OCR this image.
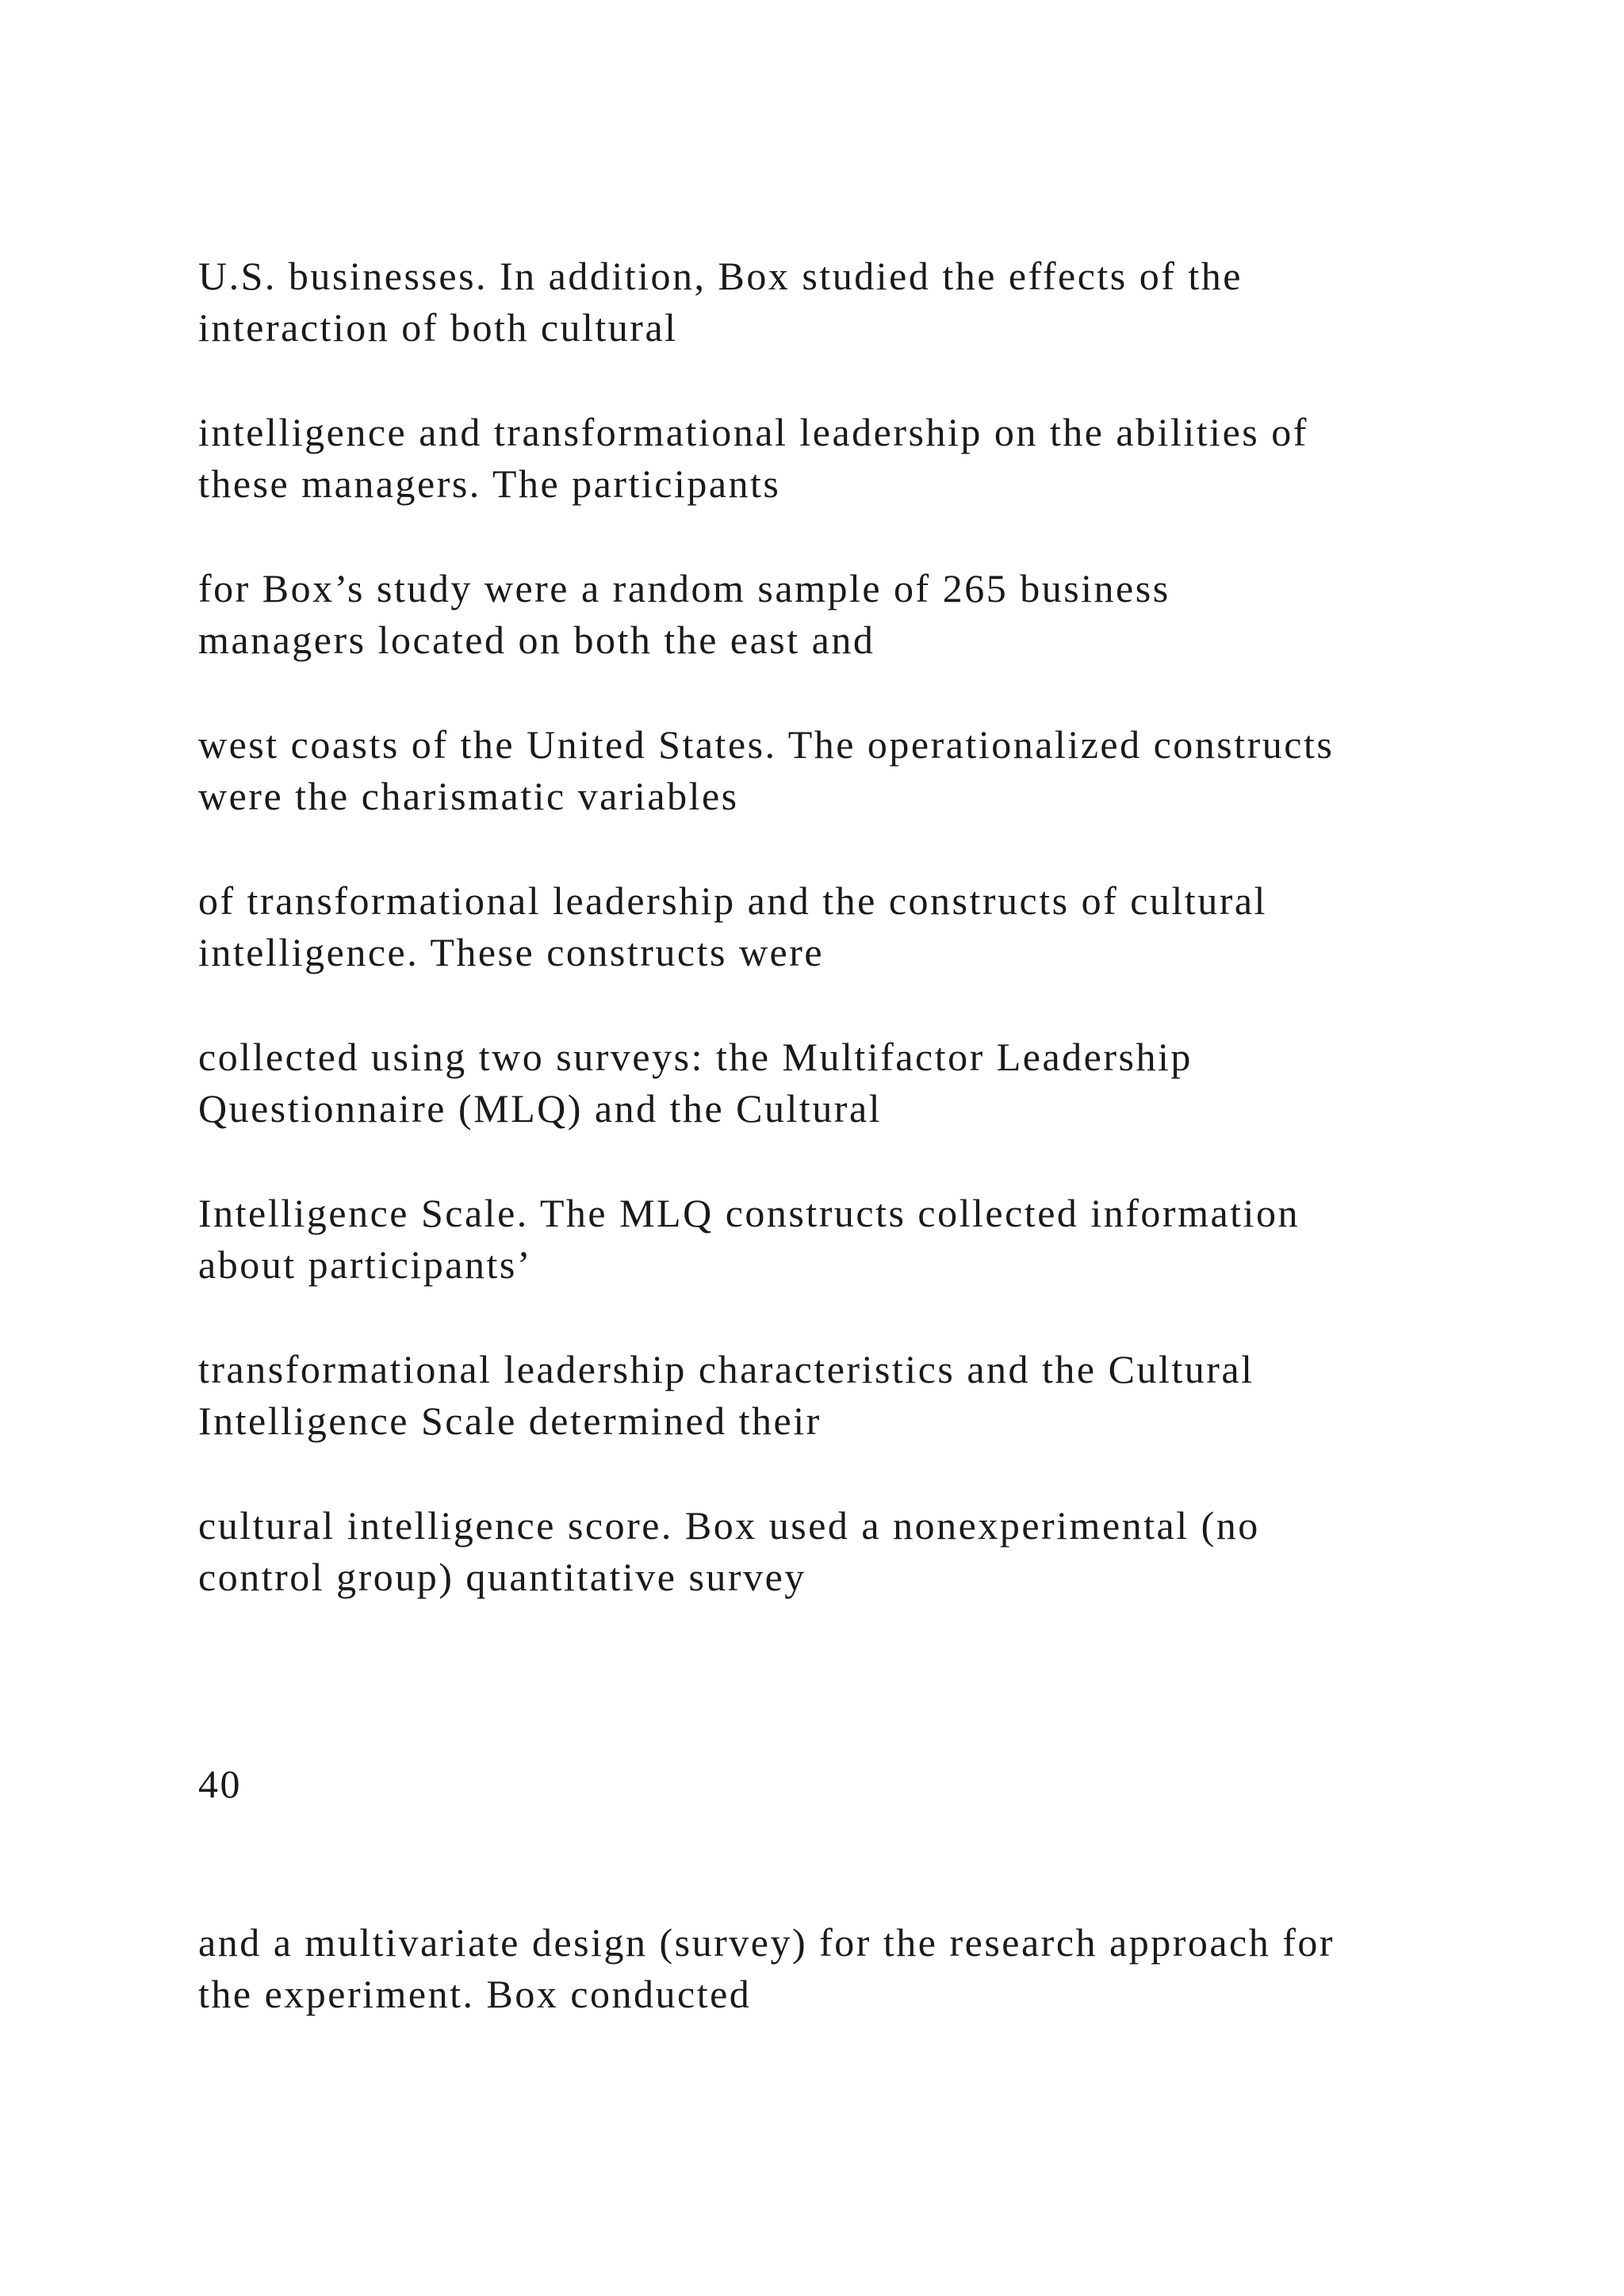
U.S. businesses. In addition, Box studied the effects of the
interaction of both cultural

intelligence and transformational leadership on the abilities of
these managers. The participants

for Box’s study were a random sample of 265 business
managers located on both the east and

west coasts of the United States. The operationalized constructs
were the charismatic variables

of transformational leadership and the constructs of cultural
intelligence. These constructs were

collected using two surveys: the Multifactor Leadership
Questionnaire (MLQ) and the Cultural

Intelligence Scale. The MLQ constructs collected information
about participants’

transformational leadership characteristics and the Cultural
Intelligence Scale determined their

cultural intelligence score. Box used a nonexperimental (no
control group) quantitative survey

40

and a multivariate design (survey) for the research approach for
the experiment. Box conducted
